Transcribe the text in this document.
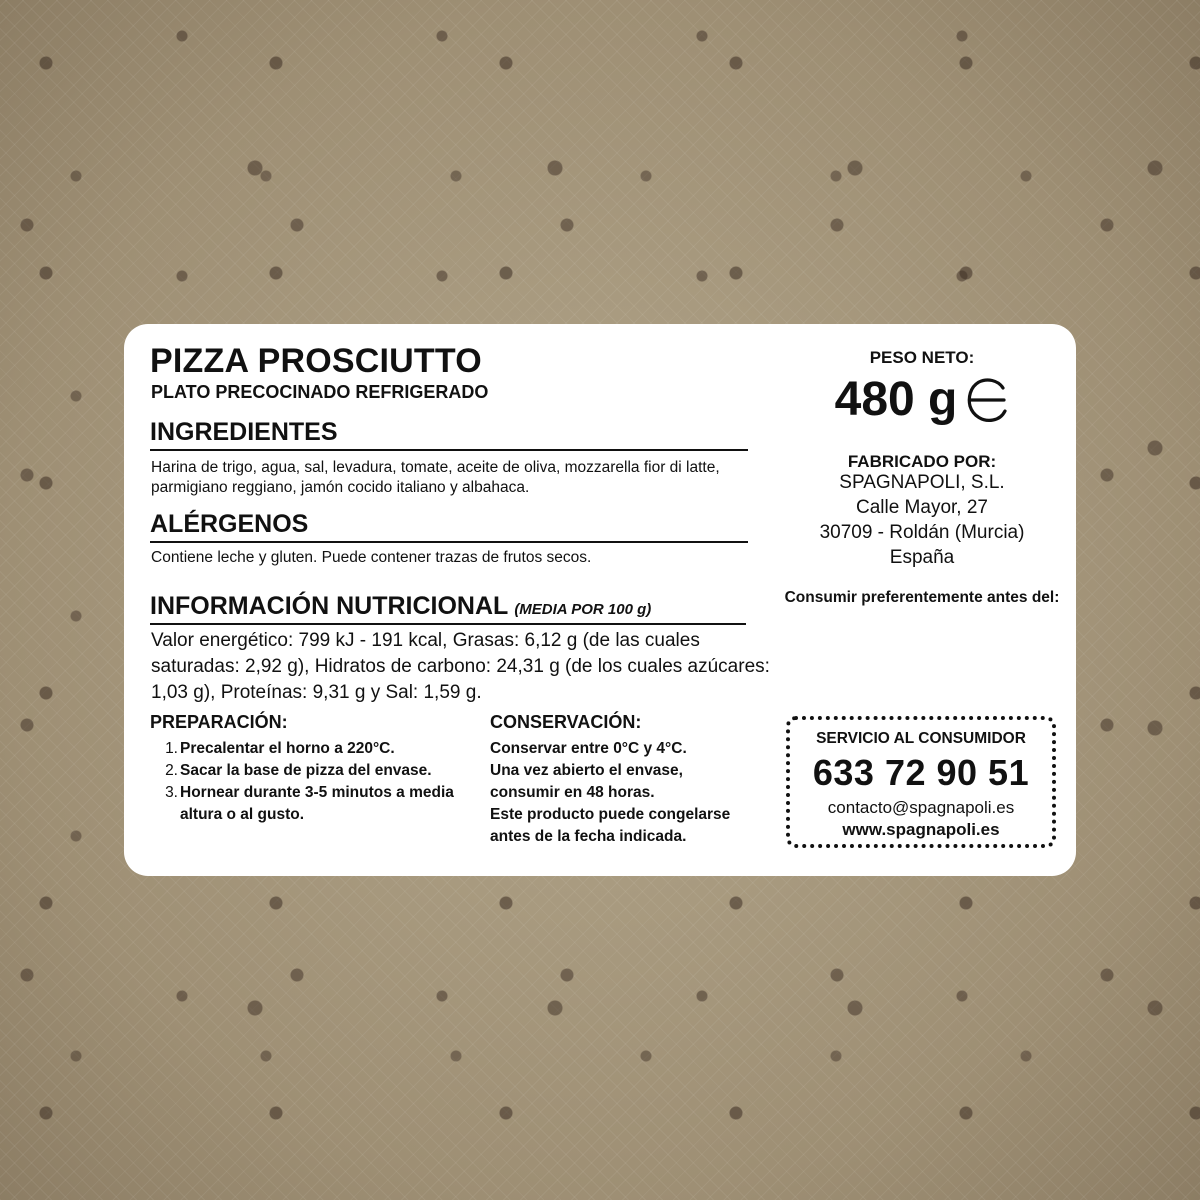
PIZZA PROSCIUTTO
PLATO PRECOCINADO REFRIGERADO
INGREDIENTES
Harina de trigo, agua, sal, levadura, tomate, aceite de oliva, mozzarella fior di latte, parmigiano reggiano, jamón cocido italiano y albahaca.
ALÉRGENOS
Contiene leche y gluten. Puede contener trazas de frutos secos.
INFORMACIÓN NUTRICIONAL (MEDIA POR 100 g)
Valor energético: 799 kJ - 191 kcal, Grasas: 6,12 g (de las cuales saturadas: 2,92 g), Hidratos de carbono: 24,31 g (de los cuales azúcares: 1,03 g), Proteínas: 9,31 g y Sal: 1,59 g.
PREPARACIÓN:
1. Precalentar el horno a 220°C.
2. Sacar la base de pizza del envase.
3. Hornear durante 3-5 minutos a media altura o al gusto.
CONSERVACIÓN:
Conservar entre 0°C y 4°C.
Una vez abierto el envase,
consumir en 48 horas.
Este producto puede congelarse
antes de la fecha indicada.
PESO NETO:
480 g
FABRICADO POR:
SPAGNAPOLI, S.L.
Calle Mayor, 27
30709 - Roldán (Murcia)
España
Consumir preferentemente antes del:
SERVICIO AL CONSUMIDOR
633 72 90 51
contacto@spagnapoli.es
www.spagnapoli.es
